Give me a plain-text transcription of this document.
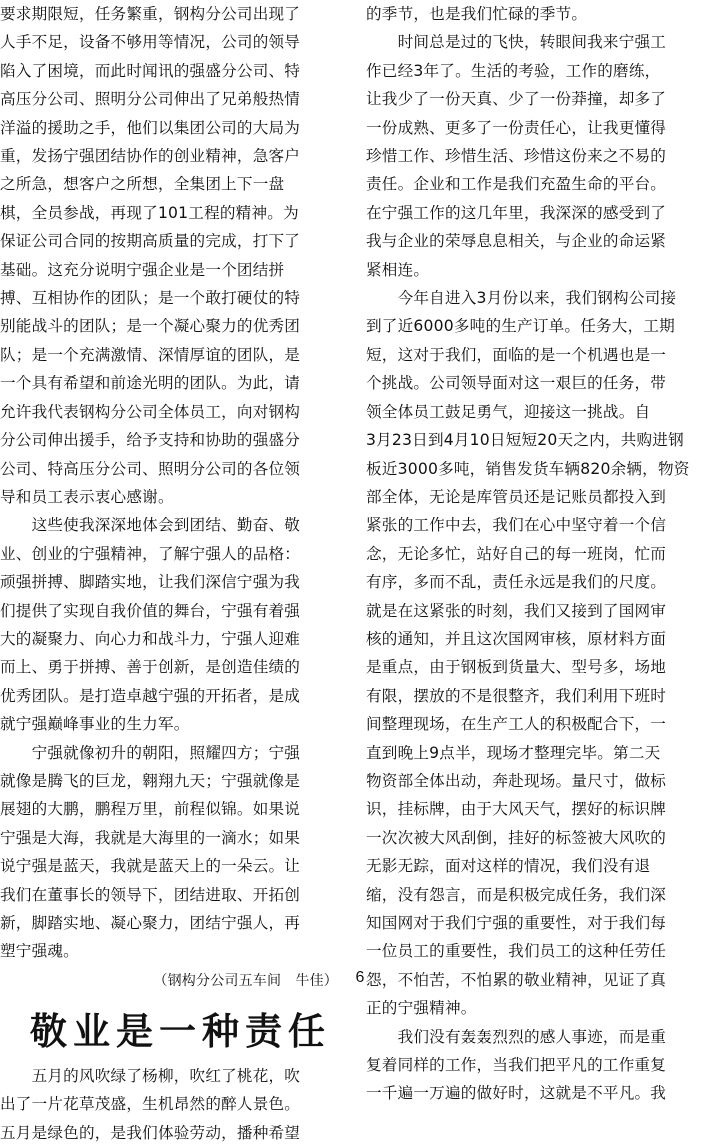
要求期限短，任务繁重，钢构分公司出现了
人手不足，设备不够用等情况，公司的领导
陷入了困境，而此时闻讯的强盛分公司、特
高压分公司、照明分公司伸出了兄弟般热情
洋溢的援助之手，他们以集团公司的大局为
重，发扬宁强团结协作的创业精神，急客户
之所急，想客户之所想，全集团上下一盘
棋，全员参战，再现了101工程的精神。为
保证公司合同的按期高质量的完成，打下了
基础。这充分说明宁强企业是一个团结拼
搏、互相协作的团队；是一个敢打硬仗的特
别能战斗的团队；是一个凝心聚力的优秀团
队；是一个充满激情、深情厚谊的团队，是
一个具有希望和前途光明的团队。为此，请
允许我代表钢构分公司全体员工，向对钢构
分公司伸出援手，给予支持和协助的强盛分
公司、特高压分公司、照明分公司的各位领
导和员工表示衷心感谢。

　　这些使我深深地体会到团结、勤奋、敬
业、创业的宁强精神，了解宁强人的品格：
顽强拼搏、脚踏实地，让我们深信宁强为我
们提供了实现自我价值的舞台，宁强有着强
大的凝聚力、向心力和战斗力，宁强人迎难
而上、勇于拼搏、善于创新，是创造佳绩的
优秀团队。是打造卓越宁强的开拓者，是成
就宁强巅峰事业的生力军。

　　宁强就像初升的朝阳，照耀四方；宁强
就像是腾飞的巨龙，翱翔九天；宁强就像是
展翅的大鹏，鹏程万里，前程似锦。如果说
宁强是大海，我就是大海里的一滴水；如果
说宁强是蓝天，我就是蓝天上的一朵云。让
我们在董事长的领导下，团结进取、开拓创
新，脚踏实地、凝心聚力，团结宁强人，再
塑宁强魂。

（钢构分公司五车间　牛佳）

敬业是一种责任

　　五月的风吹绿了杨柳，吹红了桃花，吹
出了一片花草茂盛，生机昂然的醉人景色。
五月是绿色的，是我们体验劳动，播种希望

的季节，也是我们忙碌的季节。

　　时间总是过的飞快，转眼间我来宁强工
作已经3年了。生活的考验，工作的磨练，
让我少了一份天真、少了一份莽撞，却多了
一份成熟、更多了一份责任心，让我更懂得
珍惜工作、珍惜生活、珍惜这份来之不易的
责任。企业和工作是我们充盈生命的平台。
在宁强工作的这几年里，我深深的感受到了
我与企业的荣辱息息相关，与企业的命运紧
紧相连。

　　今年自进入3月份以来，我们钢构公司接
到了近6000多吨的生产订单。任务大，工期
短，这对于我们，面临的是一个机遇也是一
个挑战。公司领导面对这一艰巨的任务，带
领全体员工鼓足勇气，迎接这一挑战。自
3月23日到4月10日短短20天之内，共购进钢
板近3000多吨，销售发货车辆820余辆，物资
部全体，无论是库管员还是记账员都投入到
紧张的工作中去，我们在心中坚守着一个信
念，无论多忙，站好自己的每一班岗，忙而
有序，多而不乱，责任永远是我们的尺度。
就是在这紧张的时刻，我们又接到了国网审
核的通知，并且这次国网审核，原材料方面
是重点，由于钢板到货量大、型号多，场地
有限，摆放的不是很整齐，我们利用下班时
间整理现场，在生产工人的积极配合下，一
直到晚上9点半，现场才整理完毕。第二天
物资部全体出动，奔赴现场。量尺寸，做标
识，挂标牌，由于大风天气，摆好的标识牌
一次次被大风刮倒，挂好的标签被大风吹的
无影无踪，面对这样的情况，我们没有退
缩，没有怨言，而是积极完成任务，我们深
知国网对于我们宁强的重要性，对于我们每
一位员工的重要性，我们员工的这种任劳任
怨，不怕苦，不怕累的敬业精神，见证了真
正的宁强精神。

　　我们没有轰轰烈烈的感人事迹，而是重
复着同样的工作，当我们把平凡的工作重复
一千遍一万遍的做好时，这就是不平凡。我

6
